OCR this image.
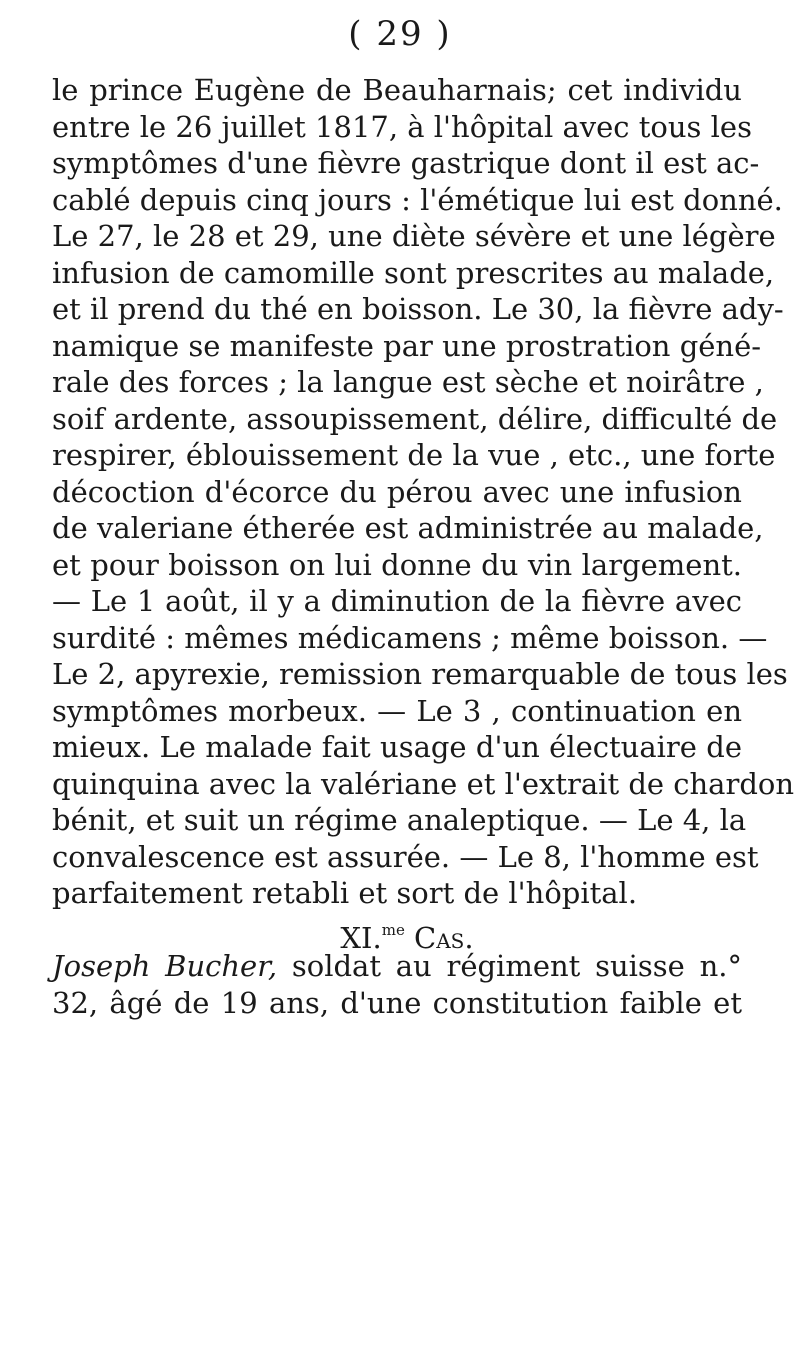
( 29 )
le prince Eugène de Beauharnais; cet individu
entre le 26 juillet 1817, à l'hôpital avec tous les
symptômes d'une fièvre gastrique dont il est ac-
cablé depuis cinq jours : l'émétique lui est donné.
Le 27, le 28 et 29, une diète sévère et une légère
infusion de camomille sont prescrites au malade,
et il prend du thé en boisson. Le 30, la fièvre ady-
namique se manifeste par une prostration géné-
rale des forces ; la langue est sèche et noirâtre ,
soif ardente, assoupissement, délire, difficulté de
respirer, éblouissement de la vue , etc., une forte
décoction d'écorce du pérou avec une infusion
de valeriane étherée est administrée au malade,
et pour boisson on lui donne du vin largement.
— Le 1 août, il y a diminution de la fièvre avec
surdité : mêmes médicamens ; même boisson. —
Le 2, apyrexie, remission remarquable de tous les
symptômes morbeux. — Le 3 , continuation en
mieux. Le malade fait usage d'un électuaire de
quinquina avec la valériane et l'extrait de chardon
bénit, et suit un régime analeptique. — Le 4, la
convalescence est assurée. — Le 8, l'homme est
parfaitement retabli et sort de l'hôpital.
XI.$^{me}$ Cas.
Joseph Bucher, soldat au régiment suisse n.°
32, âgé de 19 ans, d'une constitution faible et
